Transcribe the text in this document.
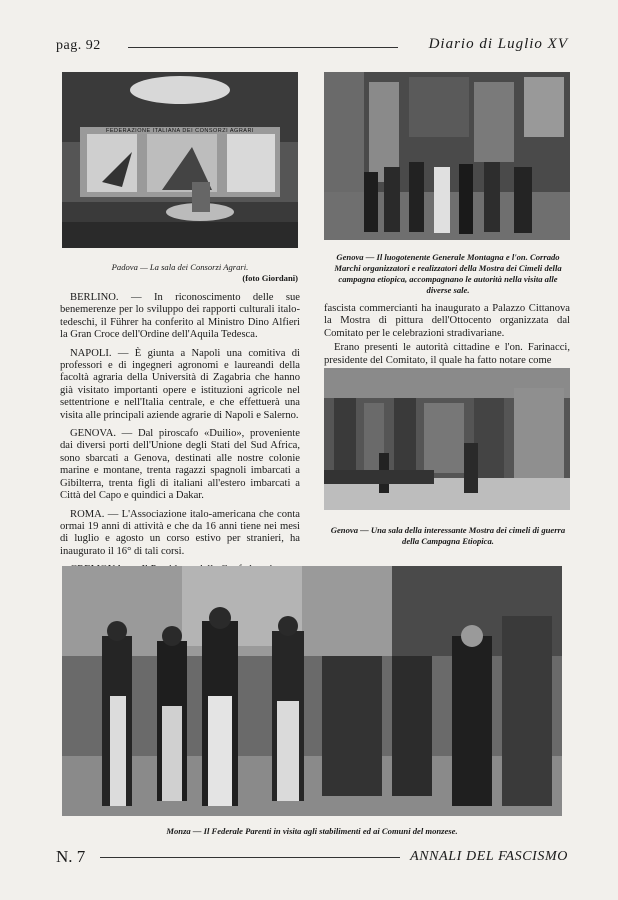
pag. 92	Diario di Luglio XV
FEDERAZIONE ITALIANA DEI CONSORZI AGRARI
Padova — La sala dei Consorzi Agrari.
(foto Giordani)
Genova — Il luogotenente Generale Montagna e l'on. Corrado Marchi organizzatori e realizzatori della Mostra dei Cimeli della campagna etiopica, accompagnano le autorità nella visita alle diverse sale.

BERLINO. — In riconoscimento delle sue benemerenze per lo sviluppo dei rapporti culturali italo-tedeschi, il Führer ha conferito al Ministro Dino Alfieri la Gran Croce dell'Ordine dell'Aquila Tedesca.

NAPOLI. — È giunta a Napoli una comitiva di professori e di ingegneri agronomi e laureandi della facoltà agraria della Università di Zagabria che hanno già visitato importanti opere e istituzioni agricole nel settentrione e nell'Italia centrale, e che effettuerà una visita alle principali aziende agrarie di Napoli e Salerno.

GENOVA. — Dal piroscafo «Duilio», proveniente dai diversi porti dell'Unione degli Stati del Sud Africa, sono sbarcati a Genova, destinati alle nostre colonie marine e montane, trenta ragazzi spagnoli imbarcati a Gibilterra, trenta figli di italiani all'estero imbarcati a Città del Capo e quindici a Dakar.

ROMA. — L'Associazione italo-americana che conta ormai 19 anni di attività e che da 16 anni tiene nei mesi di luglio e agosto un corso estivo per stranieri, ha inaugurato il 16° di tali corsi.

fascista commercianti ha inaugurato a Palazzo Cittanova la Mostra di pittura dell'Ottocento organizzata dal Comitato per le celebrazioni stradivariane.

Erano presenti le autorità cittadine e l'on. Farinacci, presidente del Comitato, il quale ha fatto notare come

Genova — Una sala della interessante Mostra dei cimeli di guerra della Campagna Etiopica.
Monza — Il Federale Parenti in visita agli stabilimenti ed ai Comuni del monzese.
N. 7	ANNALI DEL FASCISMO
